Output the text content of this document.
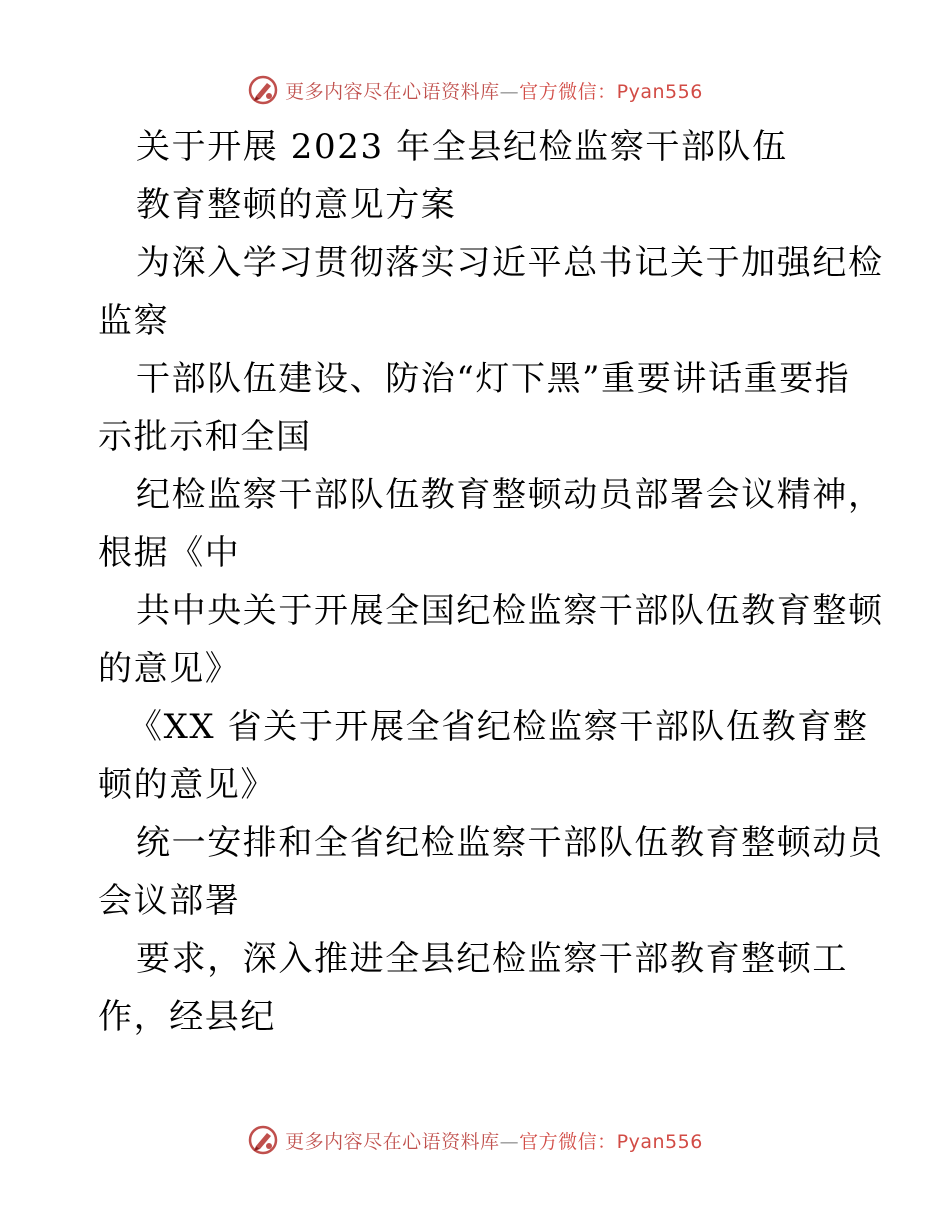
更多内容尽在心语资料库—官方微信：Pyan556
关于开展 2023 年全县纪检监察干部队伍
教育整顿的意见方案
为深入学习贯彻落实习近平总书记关于加强纪检
监察
干部队伍建设、防治“灯下黑”重要讲话重要指
示批示和全国
纪检监察干部队伍教育整顿动员部署会议精神，
根据《中
共中央关于开展全国纪检监察干部队伍教育整顿
的意见》
《XX 省关于开展全省纪检监察干部队伍教育整
顿的意见》
统一安排和全省纪检监察干部队伍教育整顿动员
会议部署
要求，深入推进全县纪检监察干部教育整顿工
作，经县纪
更多内容尽在心语资料库—官方微信：Pyan556
